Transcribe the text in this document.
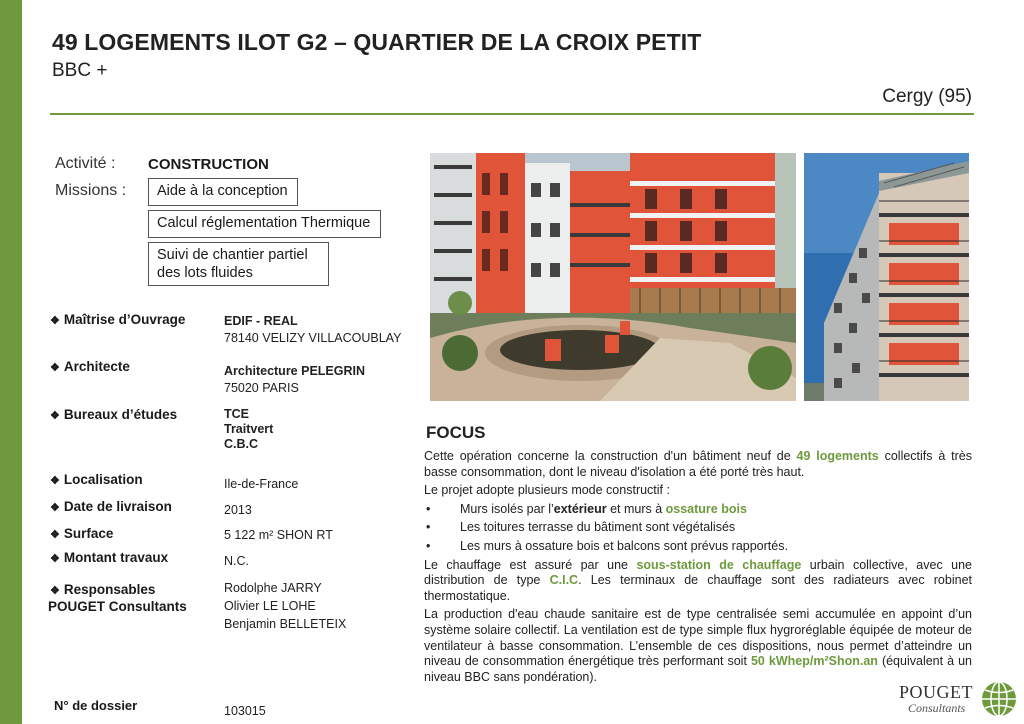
49 LOGEMENTS ILOT G2 – QUARTIER DE LA CROIX PETIT
BBC +
Cergy (95)
Activité : CONSTRUCTION
Missions :	Aide à la conception
Calcul réglementation Thermique
Suivi de chantier partiel
des lots fluides
❖ Maîtrise d’Ouvrage	EDIF - REAL
78140 VELIZY VILLACOUBLAY
❖ Architecte	Architecture PELEGRIN
75020 PARIS
❖ Bureaux d’études	TCE
Traitvert
C.B.C
❖ Localisation	Ile-de-France
❖ Date de livraison	2013
❖ Surface	5 122 m² SHON RT
❖ Montant travaux	N.C.
❖ Responsables
POUGET Consultants
Rodolphe JARRY
Olivier LE LOHE
Benjamin BELLETEIX
N° de dossier	103015
FOCUS

Cette opération concerne la construction d'un bâtiment neuf de 49 logements collectifs à très basse consommation, dont le niveau d'isolation a été porté très haut.

Le projet adopte plusieurs mode constructif :

• Murs isolés par l’extérieur et murs à ossature bois
• Les toitures terrasse du bâtiment sont végétalisés
• Les murs à ossature bois et balcons sont prévus rapportés.

Le chauffage est assuré par une sous-station de chauffage urbain collective, avec une distribution de type C.I.C. Les terminaux de chauffage sont des radiateurs avec robinet thermostatique.

La production d'eau chaude sanitaire est de type centralisée semi accumulée en appoint d’un système solaire collectif. La ventilation est de type simple flux hygroréglable équipée de moteur de ventilateur à basse consommation. L’ensemble de ces dispositions, nous permet d’atteindre un niveau de consommation énergétique très performant soit 50 kWhep/m²Shon.an (équivalent à un niveau BBC sans pondération).

POUGET
Consultants
